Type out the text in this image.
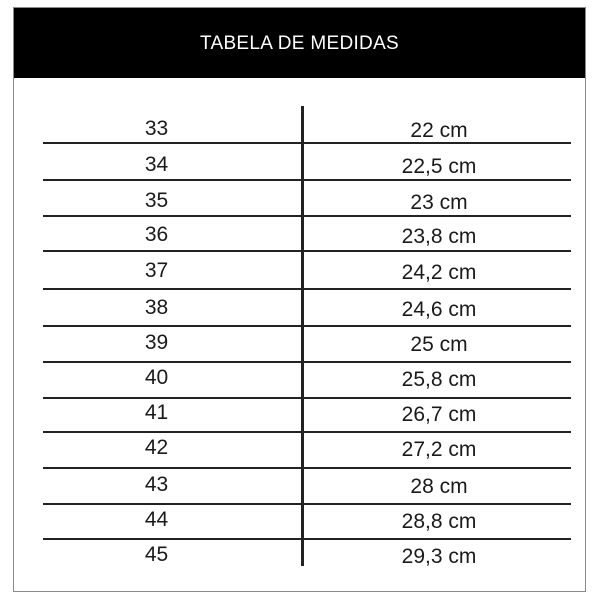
TABELA DE MEDIDAS
33	22 cm
34	22,5 cm
35	23 cm
36	23,8 cm
37	24,2 cm
38	24,6 cm
39	25 cm
40	25,8 cm
41	26,7 cm
42	27,2 cm
43	28 cm
44	28,8 cm
45	29,3 cm
